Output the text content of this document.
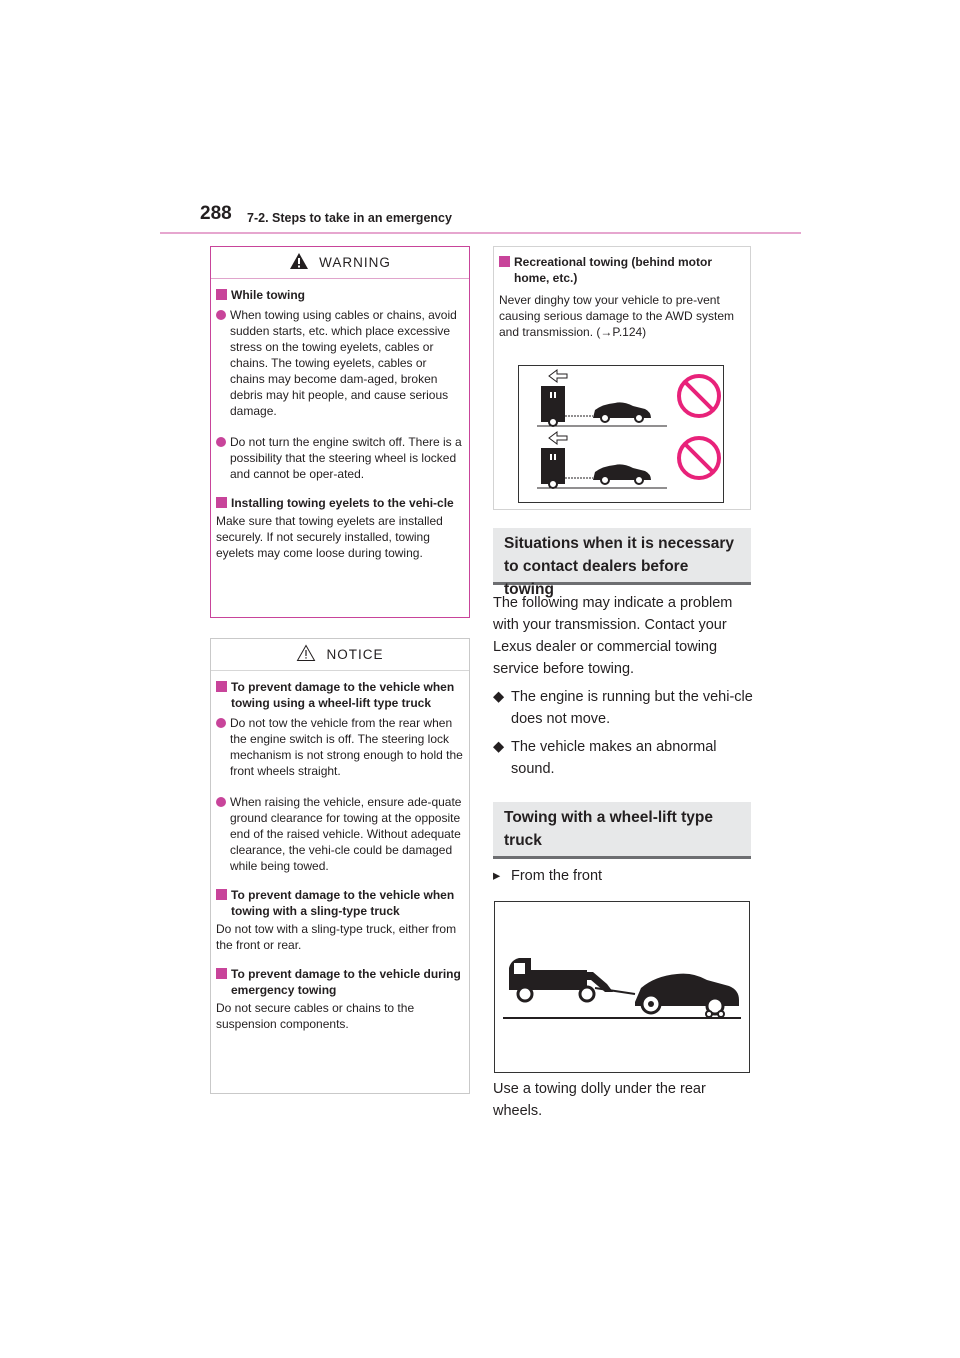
288 7-2. Steps to take in an emergency
WARNING
While towing
When towing using cables or chains, avoid sudden starts, etc. which place excessive stress on the towing eyelets, cables or chains. The towing eyelets, cables or chains may become dam-aged, broken debris may hit people, and cause serious damage.
Do not turn the engine switch off. There is a possibility that the steering wheel is locked and cannot be oper-ated.
Installing towing eyelets to the vehi-cle
Make sure that towing eyelets are installed securely. If not securely installed, towing eyelets may come loose during towing.
NOTICE
To prevent damage to the vehicle when towing using a wheel-lift type truck
Do not tow the vehicle from the rear when the engine switch is off. The steering lock mechanism is not strong enough to hold the front wheels straight.
When raising the vehicle, ensure ade-quate ground clearance for towing at the opposite end of the raised vehicle. Without adequate clearance, the vehi-cle could be damaged while being towed.
To prevent damage to the vehicle when towing with a sling-type truck
Do not tow with a sling-type truck, either from the front or rear.
To prevent damage to the vehicle during emergency towing
Do not secure cables or chains to the suspension components.
Recreational towing (behind motor home, etc.)
Never dinghy tow your vehicle to pre-vent causing serious damage to the AWD system and transmission. (→P.124)
Situations when it is necessary to contact dealers before towing
The following may indicate a problem with your transmission. Contact your Lexus dealer or commercial towing service before towing.
◆ The engine is running but the vehi-cle does not move.
◆ The vehicle makes an abnormal sound.
Towing with a wheel-lift type truck
▸ From the front
Use a towing dolly under the rear wheels.
